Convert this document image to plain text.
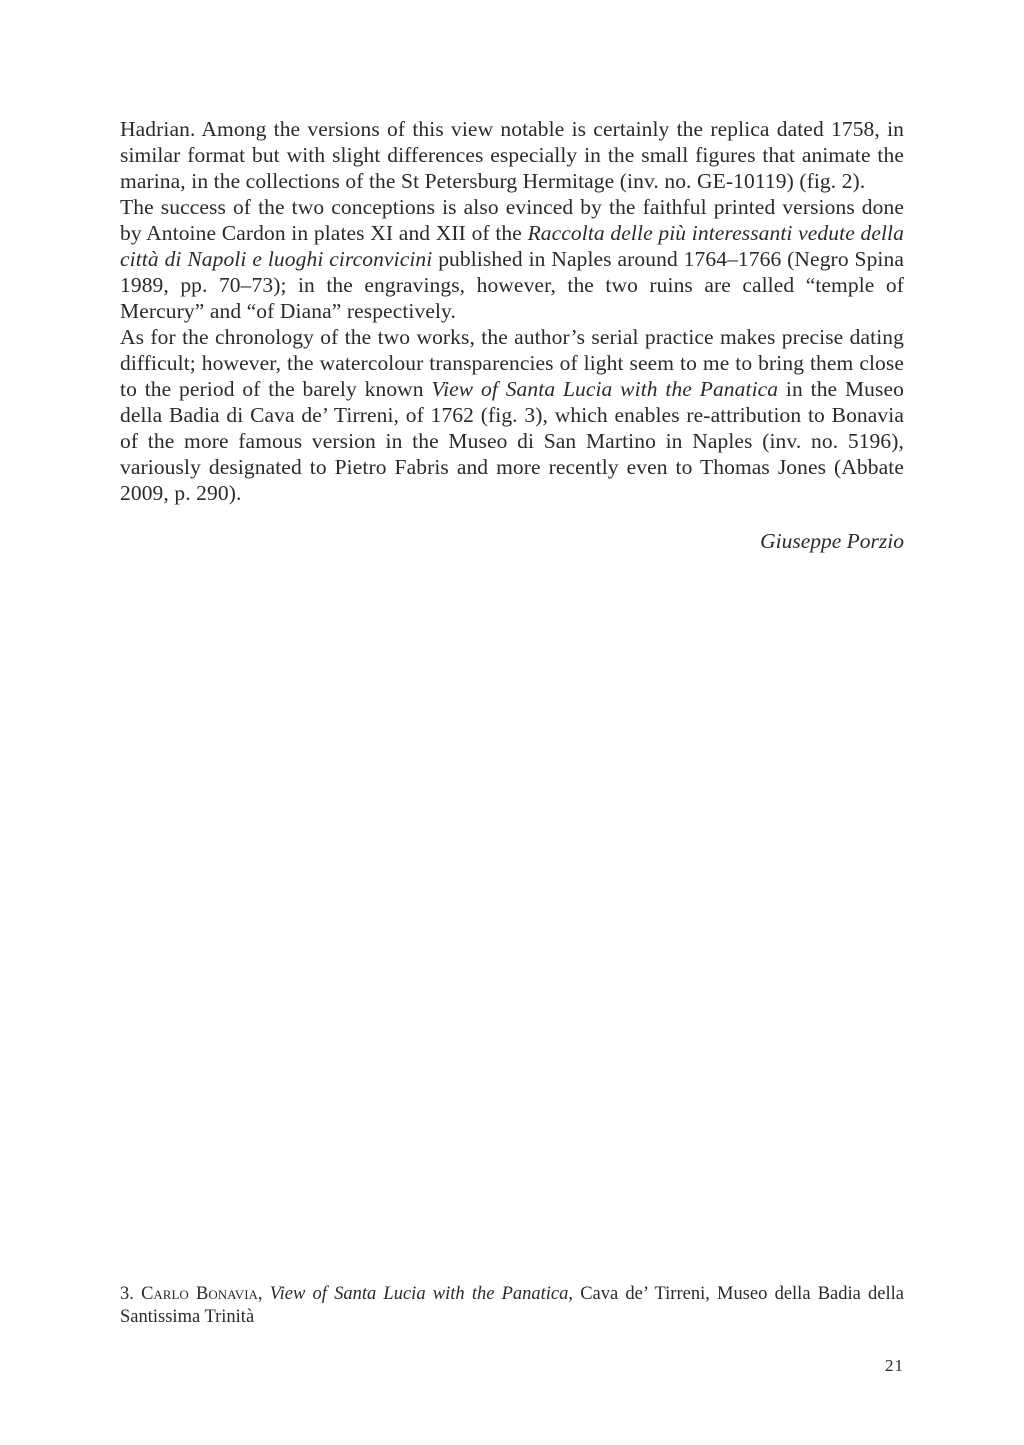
Hadrian. Among the versions of this view notable is certainly the replica dated 1758, in similar format but with slight differences especially in the small figures that animate the marina, in the collections of the St Petersburg Hermitage (inv. no. GE-10119) (fig. 2).

The success of the two conceptions is also evinced by the faithful printed versions done by Antoine Cardon in plates XI and XII of the Raccolta delle più interessanti vedute della città di Napoli e luoghi circonvicini published in Naples around 1764–1766 (Negro Spina 1989, pp. 70–73); in the engravings, however, the two ruins are called “temple of Mercury” and “of Diana” respectively.

As for the chronology of the two works, the author’s serial practice makes precise dating difficult; however, the watercolour transparencies of light seem to me to bring them close to the period of the barely known View of Santa Lucia with the Panatica in the Museo della Badia di Cava de’ Tirreni, of 1762 (fig. 3), which enables re-attribution to Bonavia of the more famous version in the Museo di San Martino in Naples (inv. no. 5196), variously designated to Pietro Fabris and more recently even to Thomas Jones (Abbate 2009, p. 290).

Giuseppe Porzio

3. Carlo Bonavia, View of Santa Lucia with the Panatica, Cava de’ Tirreni, Museo della Badia della Santissima Trinità
21
